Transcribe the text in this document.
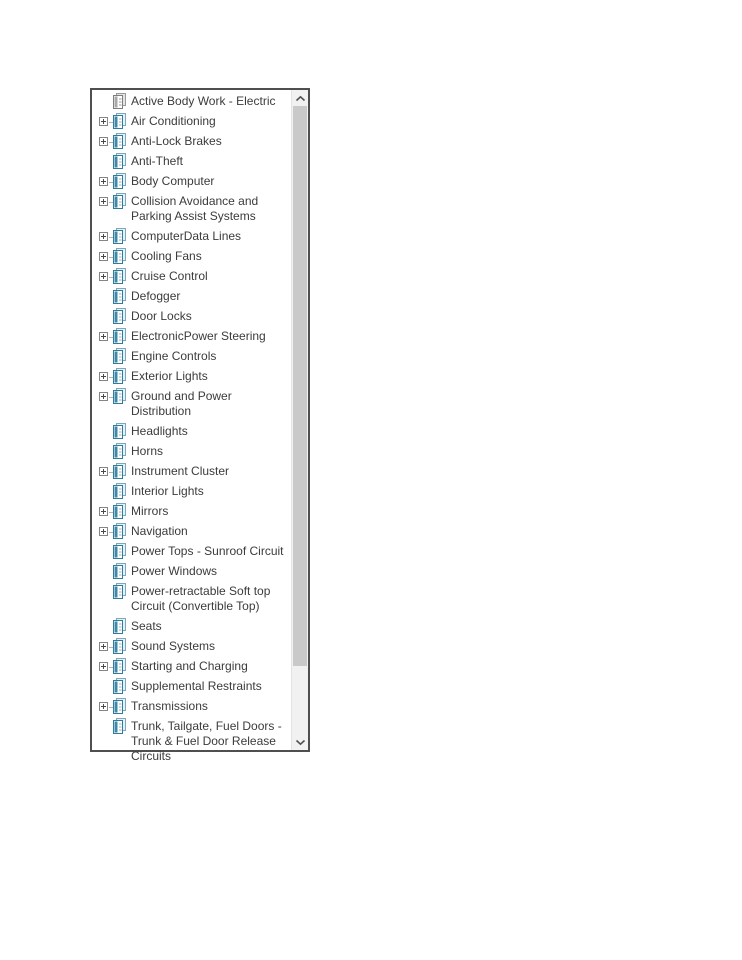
Active Body Work - Electric
Air Conditioning
Anti-Lock Brakes
Anti-Theft
Body Computer
Collision Avoidance and
Parking Assist Systems
ComputerData Lines
Cooling Fans
Cruise Control
Defogger
Door Locks
ElectronicPower Steering
Engine Controls
Exterior Lights
Ground and Power
Distribution
Headlights
Horns
Instrument Cluster
Interior Lights
Mirrors
Navigation
Power Tops - Sunroof Circuit
Power Windows
Power-retractable Soft top
Circuit (Convertible Top)
Seats
Sound Systems
Starting and Charging
Supplemental Restraints
Transmissions
Trunk, Tailgate, Fuel Doors -
Trunk & Fuel Door Release
Circuits
